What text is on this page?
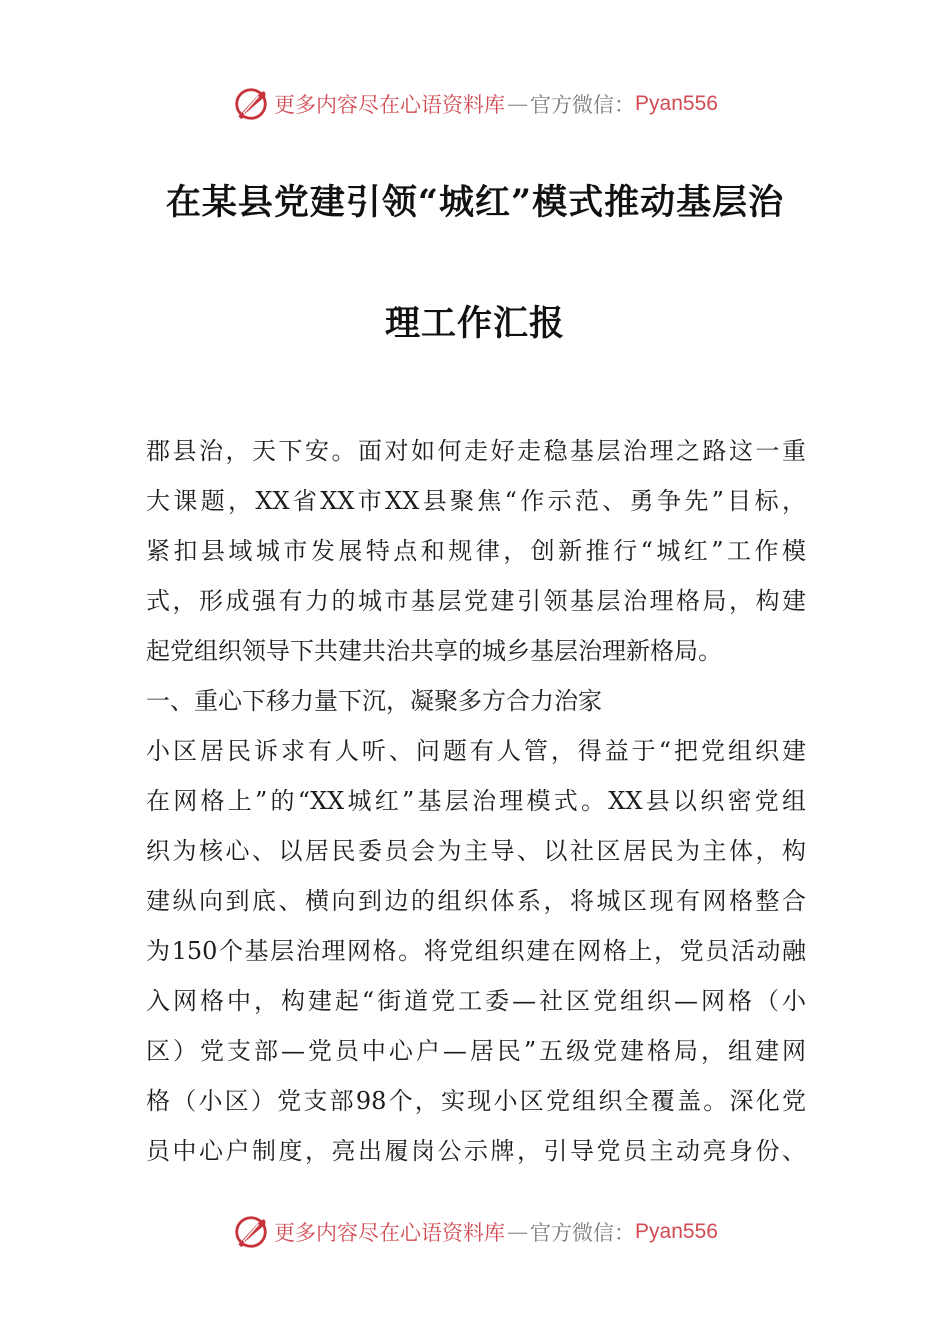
更多内容尽在心语资料库 — 官方微信： Pyan556
在某县党建引领“城红”模式推动基层治
理工作汇报
郡县治，天下安。面对如何走好走稳基层治理之路这一重
大课题，XX省XX市XX县聚焦“作示范、勇争先”目标，
紧扣县域城市发展特点和规律，创新推行“城红”工作模
式，形成强有力的城市基层党建引领基层治理格局，构建
起党组织领导下共建共治共享的城乡基层治理新格局。
一、重心下移力量下沉，凝聚多方合力治家
小区居民诉求有人听、问题有人管，得益于“把党组织建
在网格上”的“XX城红”基层治理模式。XX县以织密党组
织为核心、以居民委员会为主导、以社区居民为主体，构
建纵向到底、横向到边的组织体系，将城区现有网格整合
为150个基层治理网格。将党组织建在网格上，党员活动融
入网格中，构建起“街道党工委—社区党组织—网格（小
区）党支部—党员中心户—居民”五级党建格局，组建网
格（小区）党支部98个，实现小区党组织全覆盖。深化党
员中心户制度，亮出履岗公示牌，引导党员主动亮身份、
更多内容尽在心语资料库 — 官方微信： Pyan556
